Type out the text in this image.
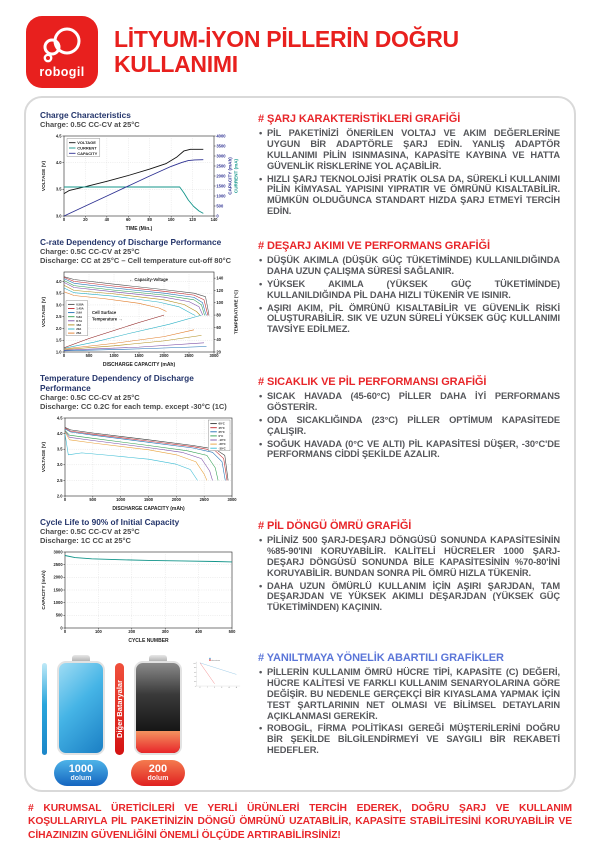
robogil
LİTYUM-İYON PİLLERİN DOĞRU
KULLANIMI
Charge Characteristics
Charge: 0.5C CC-CV at 25°C
0	20	40	60	80	100	120	140
3.0
3.5
4.0
4.5
0
500
1000
1500
2000
2500
3000
3500
4000
TIME (Min.)
VOLTAGE (V)	CAPACITY (mAh) CURRENT (mA)
VOLTAGE
CURRENT
CAPACITY
# ŞARJ KARAKTERİSTİKLERİ GRAFİĞİ
• PİL PAKETİNİZİ ÖNERİLEN VOLTAJ VE AKIM DEĞERLERİNE UYGUN BİR ADAPTÖRLE ŞARJ EDİN. YANLIŞ ADAPTÖR KULLANIMI PİLİN ISINMASINA, KAPASİTE KAYBINA VE HATTA GÜVENLİK RİSKLERİNE YOL AÇABİLİR.
• HIZLI ŞARJ TEKNOLOJİSİ PRATİK OLSA DA, SÜREKLİ KULLANIMI PİLİN KİMYASAL YAPISINI YIPRATIR VE ÖMRÜNÜ KISALTABİLİR. MÜMKÜN OLDUĞUNCA STANDART HIZDA ŞARJ ETMEYİ TERCİH EDİN.
C-rate Dependency of Discharge Performance
Charge: 0.5C CC-CV at 25°C
Discharge: CC at 25°C – Cell temperature cut-off 80°C
0	500	1000	1500	2000	2500	3000
1.0
1.5
2.0
2.5
3.0
3.5
4.0
20
40
60
80
100
120
140
DISCHARGE CAPACITY (mAh)
VOLTAGE (V)	TEMPERATURE (°C)
← Capacity-Voltage
Cell Surface
Temperature →
0.58A
1.45A
2.9A
5.8A
8.7A
15A
20A
25A
# DEŞARJ AKIMI VE PERFORMANS GRAFİĞİ
• DÜŞÜK AKIMLA (DÜŞÜK GÜÇ TÜKETİMİNDE) KULLANILDIĞINDA DAHA UZUN ÇALIŞMA SÜRESİ SAĞLANIR.
• YÜKSEK AKIMLA (YÜKSEK GÜÇ TÜKETİMİNDE) KULLANILDIĞINDA PİL DAHA HIZLI TÜKENİR VE ISINIR.
• AŞIRI AKIM, PİL ÖMRÜNÜ KISALTABİLİR VE GÜVENLİK RİSKİ OLUŞTURABİLİR. SIK VE UZUN SÜRELİ YÜKSEK GÜÇ KULLANIMI TAVSİYE EDİLMEZ.
Temperature Dependency of Discharge Performance
Charge: 0.5C CC-CV at 25°C
Discharge: CC 0.2C for each temp. except -30°C (1C)
0	500	1000	1500	2000	2500	3000
2.0
2.5
3.0
3.5
4.0
4.5
DISCHARGE CAPACITY (mAh)
VOLTAGE (V)
60°C
45°C
25°C
0°C
-10°C
-20°C
-30°C
# SICAKLIK VE PİL PERFORMANSI GRAFİĞİ
• SICAK HAVADA (45-60°C) PİLLER DAHA İYİ PERFORMANS GÖSTERİR.
• ODA SICAKLIĞINDA (23°C) PİLLER OPTİMUM KAPASİTEDE ÇALIŞIR.
• SOĞUK HAVADA (0°C VE ALTI) PİL KAPASİTESİ DÜŞER, -30°C'DE PERFORMANS CİDDİ ŞEKİLDE AZALIR.
Cycle Life to 90% of Initial Capacity
Charge: 0.5C CC-CV at 25°C
Discharge: 1C CC at 25°C
0	100	200	300	400	500
0
500
1000
1500
2000
2500
3000
CYCLE NUMBER
CAPACITY (mAh)
# PİL DÖNGÜ ÖMRÜ GRAFİĞİ
• PİLİNİZ 500 ŞARJ-DEŞARJ DÖNGÜSÜ SONUNDA KAPASİTESİNİN %85-90'INI KORUYABİLİR. KALİTELİ HÜCRELER 1000 ŞARJ-DEŞARJ DÖNGÜSÜ SONUNDA BİLE KAPASİTESİNİN %70-80'İNİ KORUYABİLİR. BUNDAN SONRA PİL ÖMRÜ HIZLA TÜKENİR.
• DAHA UZUN ÖMÜRLÜ KULLANIM İÇİN AŞIRI ŞARJDAN, TAM DEŞARJDAN VE YÜKSEK AKIMLI DEŞARJDAN (YÜKSEK GÜÇ TÜKETİMİNDEN) KAÇININ.
1000
dolum
Diğer Bataryalar
200
dolum
2 4 6 8 10 12
0
20
40
60
80
100
Diğer Bataryalar	# YANILTMAYA YÖNELİK ABARTILI GRAFİKLER
• PİLLERİN KULLANIM ÖMRÜ HÜCRE TİPİ, KAPASİTE (C) DEĞERİ, HÜCRE KALİTESİ VE FARKLI KULLANIM SENARYOLARINA GÖRE DEĞİŞİR. BU NEDENLE GERÇEKÇİ BİR KIYASLAMA YAPMAK İÇİN TEST ŞARTLARININ NET OLMASI VE BİLİMSEL DETAYLARIN AÇIKLANMASI GEREKİR.
• ROBOGİL, FİRMA POLİTİKASI GEREĞİ MÜŞTERİLERİNİ DOĞRU BİR ŞEKİLDE BİLGİLENDİRMEYİ VE SAYGILI BİR REKABETİ HEDEFLER.
# KURUMSAL ÜRETİCİLERİ VE YERLİ ÜRÜNLERİ TERCİH EDEREK, DOĞRU ŞARJ VE KULLANIM KOŞULLARIYLA PİL PAKETİNİZİN DÖNGÜ ÖMRÜNÜ UZATABİLİR, KAPASİTE STABİLİTESİNİ KORUYABİLİR VE CİHAZINIZIN GÜVENLİĞİNİ ÖNEMLİ ÖLÇÜDE ARTIRABİLİRSİNİZ!
